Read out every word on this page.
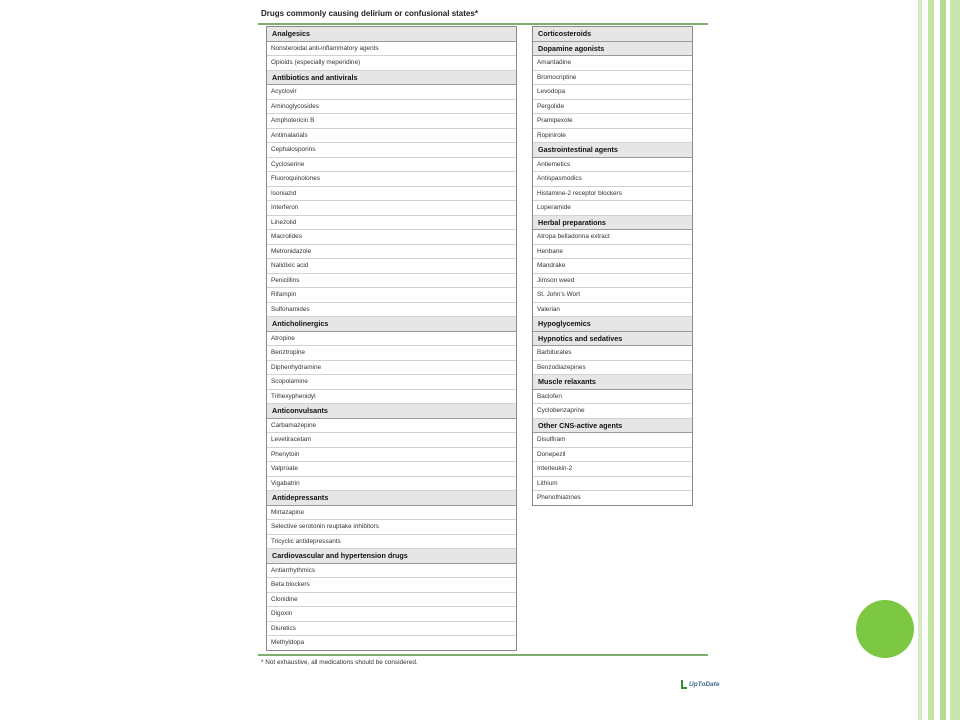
Drugs commonly causing delirium or confusional states*
Analgesics
Nonsteroidal anti-inflammatory agents
Opioids (especially meperidine)
Antibiotics and antivirals
Acyclovir
Aminoglycosides
Amphotericin B
Antimalarials
Cephalosporins
Cycloserine
Fluoroquinolones
Isoniazid
Interferon
Linezolid
Macrolides
Metronidazole
Nalidixic acid
Penicillins
Rifampin
Sulfonamides
Anticholinergics
Atropine
Benztropine
Diphenhydramine
Scopolamine
Trihexyphenidyl
Anticonvulsants
Carbamazepine
Levetiracetam
Phenytoin
Valproate
Vigabatrin
Antidepressants
Mirtazapine
Selective serotonin reuptake inhibitors
Tricyclic antidepressants
Cardiovascular and hypertension drugs
Antiarrhythmics
Beta blockers
Clonidine
Digoxin
Diuretics
Methyldopa
Corticosteroids
Dopamine agonists
Amantadine
Bromocriptine
Levodopa
Pergolide
Pramipexole
Ropinirole
Gastrointestinal agents
Antiemetics
Antispasmodics
Histamine-2 receptor blockers
Loperamide
Herbal preparations
Atropa belladonna extract
Henbane
Mandrake
Jimson weed
St. John's Wort
Valerian
Hypoglycemics
Hypnotics and sedatives
Barbiturates
Benzodiazepines
Muscle relaxants
Baclofen
Cyclobenzaprine
Other CNS-active agents
Disulfiram
Donepezil
Interleukin-2
Lithium
Phenothiazines
* Not exhaustive, all medications should be considered.
UpToDate
